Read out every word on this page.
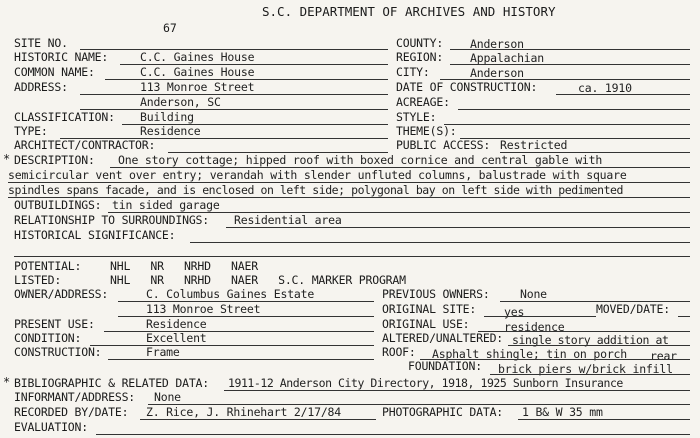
S.C. DEPARTMENT OF ARCHIVES AND HISTORY
67
SITE NO.
HISTORIC NAME:	C.C. Gaines House
COMMON NAME:	C.C. Gaines House
ADDRESS:	113 Monroe Street
Anderson, SC
CLASSIFICATION: Building
TYPE:	Residence
ARCHITECT/CONTRACTOR:
COUNTY: Anderson
REGION: Appalachian
CITY:	Anderson
DATE OF CONSTRUCTION:	ca. 1910
ACREAGE:
STYLE:
THEME(S):
PUBLIC ACCESS: Restricted
* DESCRIPTION: One story cottage; hipped roof with boxed cornice and central gable with
semicircular vent over entry; verandah with slender unfluted columns, balustrade with square
spindles spans facade, and is enclosed on left side; polygonal bay on left side with pedimented
OUTBUILDINGS: tin sided garage
RELATIONSHIP TO SURROUNDINGS: Residential area
HISTORICAL SIGNIFICANCE:
POTENTIAL:	NHL   NR   NRHD   NAER
LISTED:	NHL   NR   NRHD   NAER   S.C. MARKER PROGRAM
OWNER/ADDRESS:	C. Columbus Gaines Estate
113 Monroe Street
PRESENT USE:	Residence
CONDITION:	Excellent
CONSTRUCTION:	Frame
PREVIOUS OWNERS:	None
ORIGINAL SITE: yes	MOVED/DATE:
ORIGINAL USE:	residence
ALTERED/UNALTERED: single story addition at
ROOF: Asphalt shingle; tin on porch rear
FOUNDATION: brick piers w/brick infill
* BIBLIOGRAPHIC & RELATED DATA: 1911-12 Anderson City Directory, 1918, 1925 Sunborn Insurance
INFORMANT/ADDRESS: None
RECORDED BY/DATE: Z. Rice, J. Rhinehart 2/17/84	PHOTOGRAPHIC DATA: 1 B& W 35 mm
EVALUATION:
